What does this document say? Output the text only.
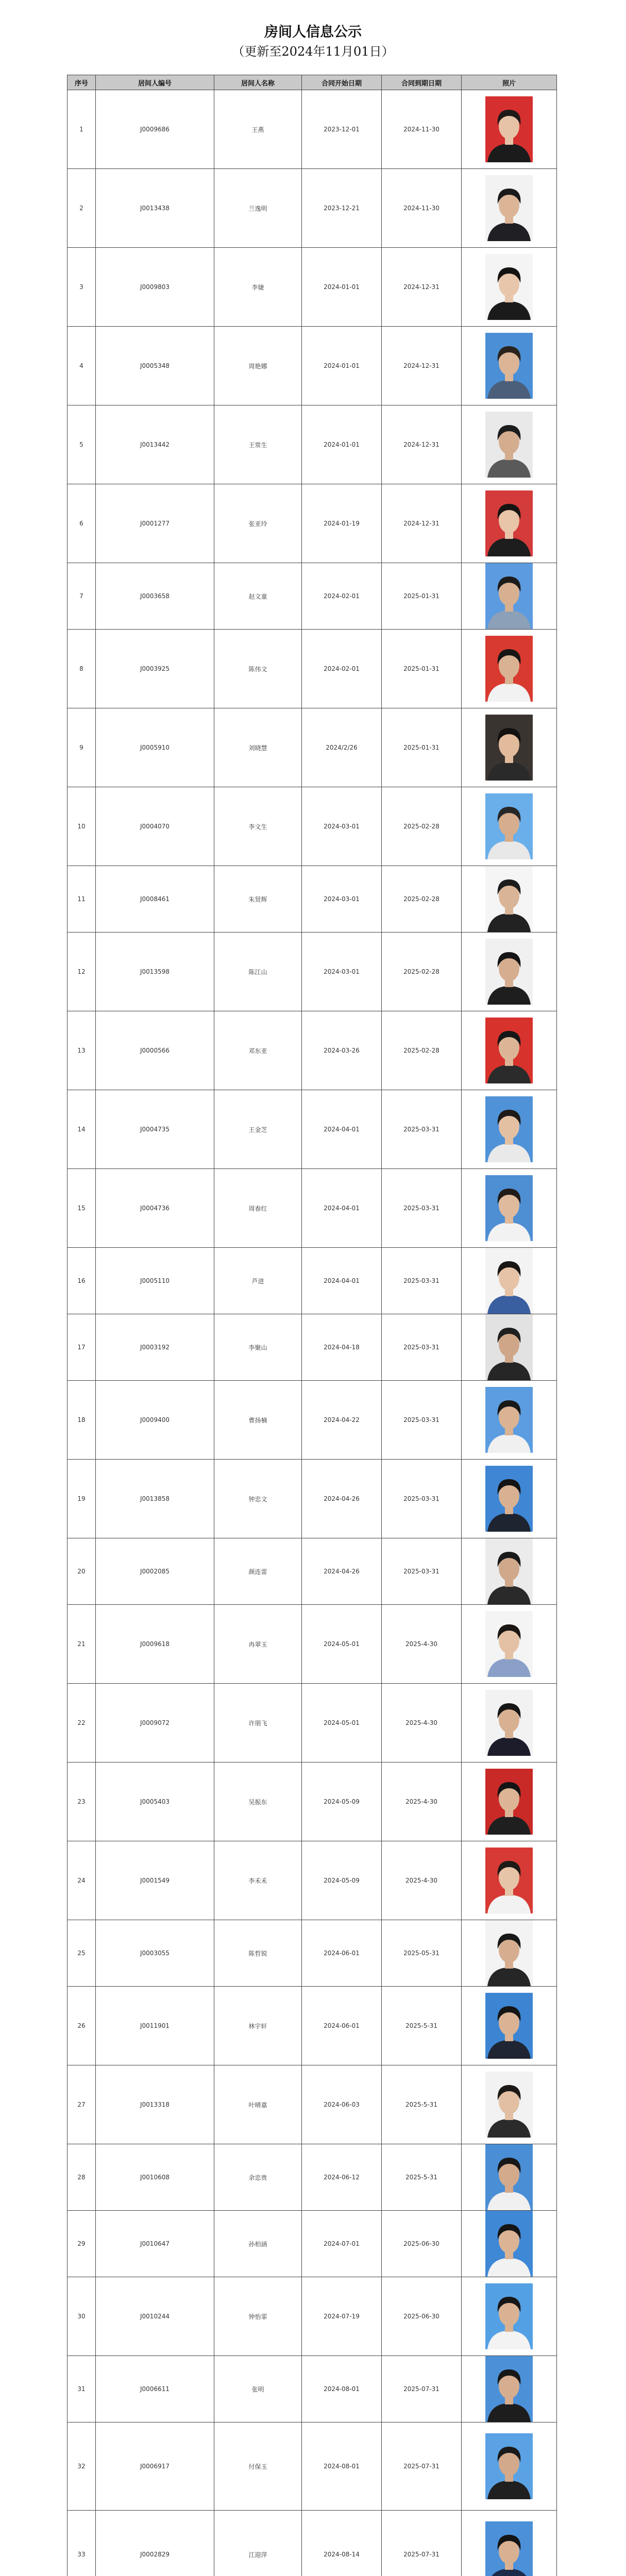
房间人信息公示
（更新至2024年11月01日）
序号	居间人编号	居间人名称	合同开始日期	合同到期日期	照片
1	J0009686	王燕	2023-12-01	2024-11-30	

2	J0013438	兰逸明	2023-12-21	2024-11-30	

3	J0009803	李婕	2024-01-01	2024-12-31	

4	J0005348	周艳娜	2024-01-01	2024-12-31	

5	J0013442	王常生	2024-01-01	2024-12-31	

6	J0001277	张亚玲	2024-01-19	2024-12-31	

7	J0003658	赵文童	2024-02-01	2025-01-31	

8	J0003925	陈伟文	2024-02-01	2025-01-31	

9	J0005910	刘晓慧	2024/2/26	2025-01-31	

10	J0004070	李文生	2024-03-01	2025-02-28	

11	J0008461	朱贤辉	2024-03-01	2025-02-28	

12	J0013598	陈江山	2024-03-01	2025-02-28	

13	J0000566	邓东亚	2024-03-26	2025-02-28	

14	J0004735	王金芝	2024-04-01	2025-03-31	

15	J0004736	周春红	2024-04-01	2025-03-31	

16	J0005110	芦进	2024-04-01	2025-03-31	

17	J0003192	李聚山	2024-04-18	2025-03-31	

18	J0009400	曹扬楠	2024-04-22	2025-03-31	

19	J0013858	钟忠文	2024-04-26	2025-03-31	

20	J0002085	颜连雷	2024-04-26	2025-03-31	

21	J0009618	冉翠玉	2024-05-01	2025-4-30	

22	J0009072	许朋飞	2024-05-01	2025-4-30	

23	J0005403	吴振东	2024-05-09	2025-4-30	

24	J0001549	李禾禾	2024-05-09	2025-4-30	

25	J0003055	陈哲锐	2024-06-01	2025-05-31	

26	J0011901	林宇轩	2024-06-01	2025-5-31	

27	J0013318	叶晴嘉	2024-06-03	2025-5-31	

28	J0010608	余忠贵	2024-06-12	2025-5-31	

29	J0010647	孙柏涵	2024-07-01	2025-06-30	

30	J0010244	钟怡霏	2024-07-19	2025-06-30	

31	J0006611	张明	2024-08-01	2025-07-31	

32	J0006917	付保玉	2024-08-01	2025-07-31	

33	J0002829	江迎萍	2024-08-14	2025-07-31	
